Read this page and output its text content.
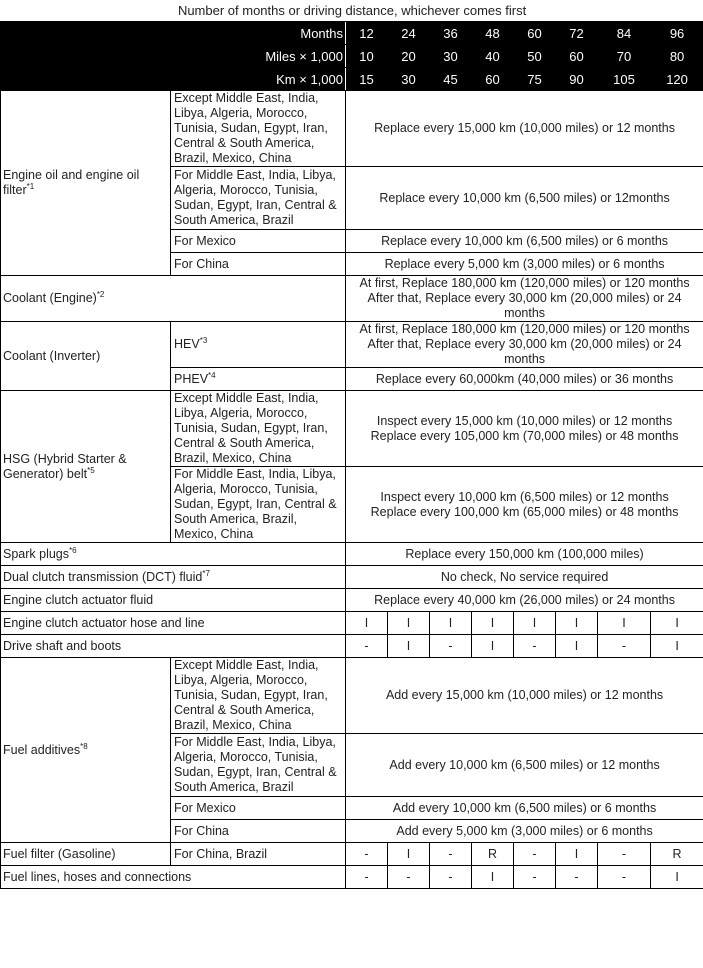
Number of months or driving distance, whichever comes first									
Months		12	24	36	48	60	72	84	96
Miles × 1,000		10	20	30	40	50	60	70	80
Km × 1,000		15	30	45	60	75	90	105	120
Engine oil and engine oil filter$^{*1}$	Except Middle East, India, Libya, Algeria, Morocco, Tunisia, Sudan, Egypt, Iran, Central & South America, Brazil, Mexico, China	Replace every 15,000 km (10,000 miles) or 12 months							
	For Middle East, India, Libya, Algeria, Morocco, Tunisia, Sudan, Egypt, Iran, Central & South America, Brazil	Replace every 10,000 km (6,500 miles) or 12months							
	For Mexico	Replace every 10,000 km (6,500 miles) or 6 months							
	For China	Replace every 5,000 km (3,000 miles) or 6 months							
Coolant (Engine)$^{*2}$		At first, Replace 180,000 km (120,000 miles) or 120 months
After that, Replace every 30,000 km (20,000 miles) or 24 months							

Coolant (Inverter)	HEV$^{*3}$	At first, Replace 180,000 km (120,000 miles) or 120 months
After that, Replace every 30,000 km (20,000 miles) or 24 months							

	PHEV$^{*4}$	Replace every 60,000km (40,000 miles) or 36 months							
HSG (Hybrid Starter & Generator) belt$^{*5}$	Except Middle East, India, Libya, Algeria, Morocco, Tunisia, Sudan, Egypt, Iran, Central & South America, Brazil, Mexico, China	Inspect every 15,000 km (10,000 miles) or 12 months
Replace every 105,000 km (70,000 miles) or 48 months							

	For Middle East, India, Libya, Algeria, Morocco, Tunisia, Sudan, Egypt, Iran, Central & South America, Brazil, Mexico, China	Inspect every 10,000 km (6,500 miles) or 12 months
Replace every 100,000 km (65,000 miles) or 48 months							

Spark plugs$^{*6}$		Replace every 150,000 km (100,000 miles)							
Dual clutch transmission (DCT) fluid$^{*7}$		No check, No service required							
Engine clutch actuator fluid		Replace every 40,000 km (26,000 miles) or 24 months							
Engine clutch actuator hose and line		I	I	I	I	I	I	I	I
Drive shaft and boots		-	I	-	I	-	I	-	I
Fuel additives$^{*8}$	Except Middle East, India, Libya, Algeria, Morocco, Tunisia, Sudan, Egypt, Iran, Central & South America, Brazil, Mexico, China	Add every 15,000 km (10,000 miles) or 12 months							
	For Middle East, India, Libya, Algeria, Morocco, Tunisia, Sudan, Egypt, Iran, Central & South America, Brazil	Add every 10,000 km (6,500 miles) or 12 months							
	For Mexico	Add every 10,000 km (6,500 miles) or 6 months							
	For China	Add every 5,000 km (3,000 miles) or 6 months							
Fuel filter (Gasoline)	For China, Brazil	-	I	-	R	-	I	-	R
Fuel lines, hoses and connections		-	-	-	I	-	-	-	I
